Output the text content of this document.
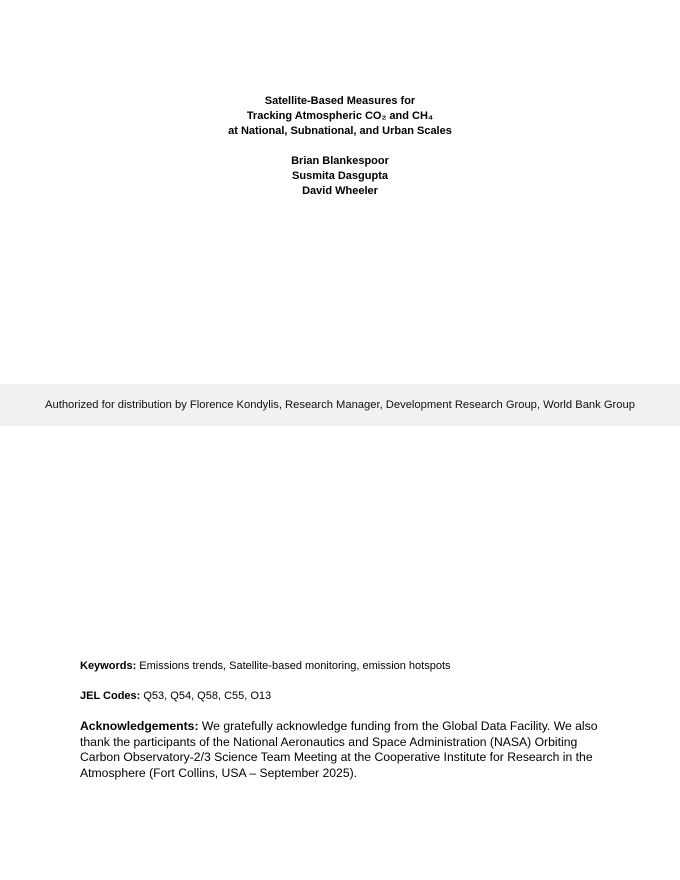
Satellite-Based Measures for
Tracking Atmospheric CO₂ and CH₄
at National, Subnational, and Urban Scales
Brian Blankespoor
Susmita Dasgupta
David Wheeler
Authorized for distribution by Florence Kondylis, Research Manager, Development Research Group, World Bank Group
Keywords: Emissions trends, Satellite-based monitoring, emission hotspots
JEL Codes: Q53, Q54, Q58, C55, O13
Acknowledgements: We gratefully acknowledge funding from the Global Data Facility. We also thank the participants of the National Aeronautics and Space Administration (NASA) Orbiting Carbon Observatory-2/3 Science Team Meeting at the Cooperative Institute for Research in the Atmosphere (Fort Collins, USA – September 2025).
